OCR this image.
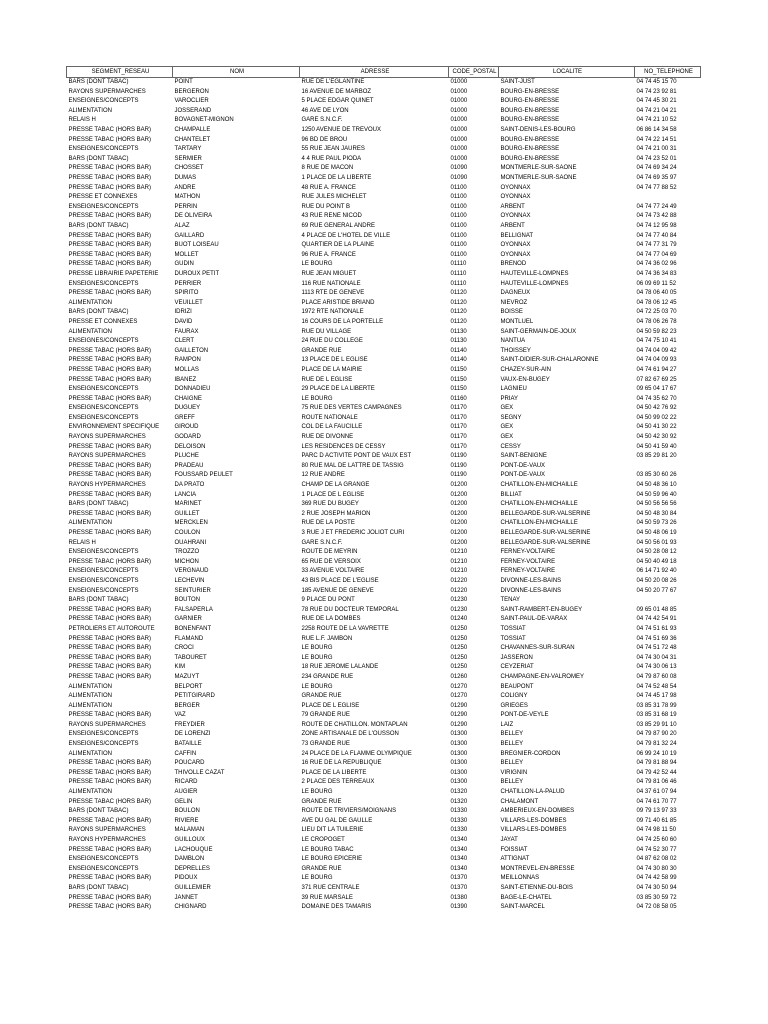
SEGMENT_RESEAU	NOM	ADRESSE	CODE_POSTAL	LOCALITE	NO_TELEPHONE
BARS (DONT TABAC)	POINT	RUE DE L'EGLANTINE	01000	SAINT-JUST	04 74 45 15 70
RAYONS SUPERMARCHES	BERGERON	16 AVENUE DE MARBOZ	01000	BOURG-EN-BRESSE	04 74 23 92 81
ENSEIGNES/CONCEPTS	VAROCLIER	5 PLACE EDGAR QUINET	01000	BOURG-EN-BRESSE	04 74 45 30 21
ALIMENTATION	JOSSERAND	46 AVE DE LYON	01000	BOURG-EN-BRESSE	04 74 21 04 21
RELAIS H	BOVAGNET-MIGNON	GARE S.N.C.F.	01000	BOURG-EN-BRESSE	04 74 21 10 52
PRESSE TABAC (HORS BAR)	CHAMPALLE	1250 AVENUE DE TREVOUX	01000	SAINT-DENIS-LES-BOURG	06 86 14 34 58
PRESSE TABAC (HORS BAR)	CHANTELET	96 BD DE BROU	01000	BOURG-EN-BRESSE	04 74 22 14 51
ENSEIGNES/CONCEPTS	TARTARY	55 RUE JEAN JAURES	01000	BOURG-EN-BRESSE	04 74 21 00 31
BARS (DONT TABAC)	SERMIER	4 4 RUE PAUL PIODA	01000	BOURG-EN-BRESSE	04 74 23 52 01
PRESSE TABAC (HORS BAR)	CHOSSET	8 RUE DE MACON	01090	MONTMERLE-SUR-SAONE	04 74 69 34 24
PRESSE TABAC (HORS BAR)	DUMAS	1 PLACE DE LA LIBERTE	01090	MONTMERLE-SUR-SAONE	04 74 69 35 97
PRESSE TABAC (HORS BAR)	ANDRE	48 RUE A. FRANCE	01100	OYONNAX	04 74 77 88 52
PRESSE ET CONNEXES	MATHON	RUE JULES MICHELET	01100	OYONNAX	
ENSEIGNES/CONCEPTS	PERRIN	RUE DU POINT B	01100	ARBENT	04 74 77 24 49
PRESSE TABAC (HORS BAR)	DE OLIVEIRA	43 RUE RENE NICOD	01100	OYONNAX	04 74 73 42 88
BARS (DONT TABAC)	ALAZ	69 RUE GENERAL ANDRE	01100	ARBENT	04 74 12 95 98
PRESSE TABAC (HORS BAR)	GAILLARD	4 PLACE DE L'HOTEL DE VILLE	01100	BELLIGNAT	04 74 77 40 84
PRESSE TABAC (HORS BAR)	BUOT LOISEAU	QUARTIER DE LA PLAINE	01100	OYONNAX	04 74 77 31 79
PRESSE TABAC (HORS BAR)	MOLLET	96 RUE A. FRANCE	01100	OYONNAX	04 74 77 04 69
PRESSE TABAC (HORS BAR)	GUDIN	LE BOURG	01110	BRENOD	04 74 36 02 96
PRESSE LIBRAIRIE PAPETERIE	DUROUX PETIT	RUE JEAN MIGUET	01110	HAUTEVILLE-LOMPNES	04 74 36 34 83
ENSEIGNES/CONCEPTS	PERRIER	116 RUE NATIONALE	01110	HAUTEVILLE-LOMPNES	06 09 69 11 52
PRESSE TABAC (HORS BAR)	SPIRITO	1113 RTE DE GENEVE	01120	DAGNEUX	04 78 06 40 05
ALIMENTATION	VEUILLET	PLACE ARISTIDE BRIAND	01120	NIEVROZ	04 78 06 12 45
BARS (DONT TABAC)	IDRIZI	1972 RTE NATIONALE	01120	BOISSE	04 72 25 03 70
PRESSE ET CONNEXES	DAVID	16 COURS DE LA PORTELLE	01120	MONTLUEL	04 78 06 26 78
ALIMENTATION	FAURAX	RUE DU VILLAGE	01130	SAINT-GERMAIN-DE-JOUX	04 50 59 82 23
ENSEIGNES/CONCEPTS	CLERT	24 RUE DU COLLEGE	01130	NANTUA	04 74 75 10 41
PRESSE TABAC (HORS BAR)	GAILLETON	GRANDE RUE	01140	THOISSEY	04 74 04 09 42
PRESSE TABAC (HORS BAR)	RAMPON	13 PLACE DE L EGLISE	01140	SAINT-DIDIER-SUR-CHALARONNE	04 74 04 09 93
PRESSE TABAC (HORS BAR)	MOLLAS	PLACE DE LA MAIRIE	01150	CHAZEY-SUR-AIN	04 74 61 94 27
PRESSE TABAC (HORS BAR)	IBANEZ	RUE DE L EGLISE	01150	VAUX-EN-BUGEY	07 82 67 69 25
ENSEIGNES/CONCEPTS	DONNADIEU	29 PLACE DE LA LIBERTE	01150	LAGNIEU	09 65 04 17 67
PRESSE TABAC (HORS BAR)	CHAIGNE	LE BOURG	01160	PRIAY	04 74 35 62 70
ENSEIGNES/CONCEPTS	DUGUEY	75 RUE DES VERTES CAMPAGNES	01170	GEX	04 50 42 76 92
ENSEIGNES/CONCEPTS	GREFF	ROUTE NATIONALE	01170	SEGNY	04 50 99 02 22
ENVIRONNEMENT SPECIFIQUE	GIROUD	COL DE LA FAUCILLE	01170	GEX	04 50 41 30 22
RAYONS SUPERMARCHES	GODARD	RUE DE DIVONNE	01170	GEX	04 50 42 30 92
PRESSE TABAC (HORS BAR)	DELOISON	LES RESIDENCES DE CESSY	01170	CESSY	04 50 41 59 40
RAYONS SUPERMARCHES	PLUCHE	PARC D ACTIVITE PONT DE VAUX EST	01190	SAINT-BENIGNE	03 85 29 81 20
PRESSE TABAC (HORS BAR)	PRADEAU	80 RUE MAL DE LATTRE DE TASSIG	01190	PONT-DE-VAUX	
PRESSE TABAC (HORS BAR)	FOUSSARD PEULET	12 RUE ANDRE	01190	PONT-DE-VAUX	03 85 30 60 26
RAYONS HYPERMARCHES	DA PRATO	CHAMP DE LA GRANGE	01200	CHATILLON-EN-MICHAILLE	04 50 48 36 10
PRESSE TABAC (HORS BAR)	LANCIA	1 PLACE DE L EGLISE	01200	BILLIAT	04 50 59 96 40
BARS (DONT TABAC)	MARINET	369 RUE DU BUGEY	01200	CHATILLON-EN-MICHAILLE	04 50 56 56 56
PRESSE TABAC (HORS BAR)	GUILLET	2 RUE JOSEPH MARION	01200	BELLEGARDE-SUR-VALSERINE	04 50 48 30 84
ALIMENTATION	MERCKLEN	RUE DE LA POSTE	01200	CHATILLON-EN-MICHAILLE	04 50 59 73 26
PRESSE TABAC (HORS BAR)	COULON	3 RUE J ET FREDERIC JOLIOT CURI	01200	BELLEGARDE-SUR-VALSERINE	04 50 48 06 19
RELAIS H	OUAHRANI	GARE S.N.C.F.	01200	BELLEGARDE-SUR-VALSERINE	04 50 56 01 93
ENSEIGNES/CONCEPTS	TROZZO	ROUTE DE MEYRIN	01210	FERNEY-VOLTAIRE	04 50 28 08 12
PRESSE TABAC (HORS BAR)	MICHON	65 RUE DE VERSOIX	01210	FERNEY-VOLTAIRE	04 50 40 49 18
ENSEIGNES/CONCEPTS	VERGNAUD	33 AVENUE VOLTAIRE	01210	FERNEY-VOLTAIRE	06 14 71 92 40
ENSEIGNES/CONCEPTS	LECHEVIN	43 BIS PLACE DE L'EGLISE	01220	DIVONNE-LES-BAINS	04 50 20 08 26
ENSEIGNES/CONCEPTS	SEINTURIER	185 AVENUE DE GENEVE	01220	DIVONNE-LES-BAINS	04 50 20 77 67
BARS (DONT TABAC)	BOUTON	9 PLACE DU PONT	01230	TENAY	
PRESSE TABAC (HORS BAR)	FALSAPERLA	78 RUE DU DOCTEUR TEMPORAL	01230	SAINT-RAMBERT-EN-BUGEY	09 65 01 48 85
PRESSE TABAC (HORS BAR)	GARNIER	RUE DE LA DOMBES	01240	SAINT-PAUL-DE-VARAX	04 74 42 54 91
PETROLIERS ET AUTOROUTE	BONENFANT	2258 ROUTE DE LA VAVRETTE	01250	TOSSIAT	04 74 51 61 93
PRESSE TABAC (HORS BAR)	FLAMAND	RUE L.F. JAMBON	01250	TOSSIAT	04 74 51 69 36
PRESSE TABAC (HORS BAR)	CROCI	LE BOURG	01250	CHAVANNES-SUR-SURAN	04 74 51 72 48
PRESSE TABAC (HORS BAR)	TABOURET	LE BOURG	01250	JASSERON	04 74 30 04 31
PRESSE TABAC (HORS BAR)	KIM	18 RUE JEROME LALANDE	01250	CEYZERIAT	04 74 30 06 13
PRESSE TABAC (HORS BAR)	MAZUYT	234 GRANDE RUE	01260	CHAMPAGNE-EN-VALROMEY	04 79 87 60 08
ALIMENTATION	BELPORT	LE BOURG	01270	BEAUPONT	04 74 52 48 54
ALIMENTATION	PETITGIRARD	GRANDE RUE	01270	COLIGNY	04 74 45 17 98
ALIMENTATION	BERGER	PLACE DE L EGLISE	01290	GRIEGES	03 85 31 78 99
PRESSE TABAC (HORS BAR)	VAZ	79 GRANDE RUE	01290	PONT-DE-VEYLE	03 85 31 68 19
RAYONS SUPERMARCHES	FREYDIER	ROUTE DE CHATILLON. MONTAPLAN	01290	LAIZ	03 85 29 91 10
ENSEIGNES/CONCEPTS	DE LORENZI	ZONE ARTISANALE DE L'OUSSON	01300	BELLEY	04 79 87 90 20
ENSEIGNES/CONCEPTS	BATAILLE	73 GRANDE RUE	01300	BELLEY	04 79 81 32 24
ALIMENTATION	CAFFIN	24 PLACE DE LA FLAMME OLYMPIQUE	01300	BREGNIER-CORDON	06 99 24 10 19
PRESSE TABAC (HORS BAR)	POUCARD	16 RUE DE LA REPUBLIQUE	01300	BELLEY	04 79 81 88 94
PRESSE TABAC (HORS BAR)	THIVOLLE CAZAT	PLACE DE LA LIBERTE	01300	VIRIGNIN	04 79 42 52 44
PRESSE TABAC (HORS BAR)	RICARD	2 PLACE DES TERREAUX	01300	BELLEY	04 79 81 06 46
ALIMENTATION	AUGIER	LE BOURG	01320	CHATILLON-LA-PALUD	04 37 61 07 94
PRESSE TABAC (HORS BAR)	GELIN	GRANDE RUE	01320	CHALAMONT	04 74 61 70 77
BARS (DONT TABAC)	BOULON	ROUTE DE TRIVIERS/MOIGNANS	01330	AMBERIEUX-EN-DOMBES	09 79 13 97 33
PRESSE TABAC (HORS BAR)	RIVIERE	AVE DU GAL DE GAULLE	01330	VILLARS-LES-DOMBES	09 71 40 61 85
RAYONS SUPERMARCHES	MALAMAN	LIEU DIT LA TUILERIE	01330	VILLARS-LES-DOMBES	04 74 98 11 50
RAYONS HYPERMARCHES	GUILLOUX	LE CROPOGET	01340	JAYAT	04 74 25 60 60
PRESSE TABAC (HORS BAR)	LACHOUQUE	LE BOURG TABAC	01340	FOISSIAT	04 74 52 30 77
ENSEIGNES/CONCEPTS	DAMBLON	LE BOURG EPICERIE	01340	ATTIGNAT	04 87 62 08 02
ENSEIGNES/CONCEPTS	DEPRELLES	GRANDE RUE	01340	MONTREVEL-EN-BRESSE	04 74 30 80 30
PRESSE TABAC (HORS BAR)	PIDOUX	LE BOURG	01370	MEILLONNAS	04 74 42 58 99
BARS (DONT TABAC)	GUILLEMIER	371 RUE CENTRALE	01370	SAINT-ETIENNE-DU-BOIS	04 74 30 50 94
PRESSE TABAC (HORS BAR)	JANNET	39 RUE MARSALE	01380	BAGE-LE-CHATEL	03 85 30 59 72
PRESSE TABAC (HORS BAR)	CHIGNARD	DOMAINE DES TAMARIS	01390	SAINT-MARCEL	04 72 08 58 05
